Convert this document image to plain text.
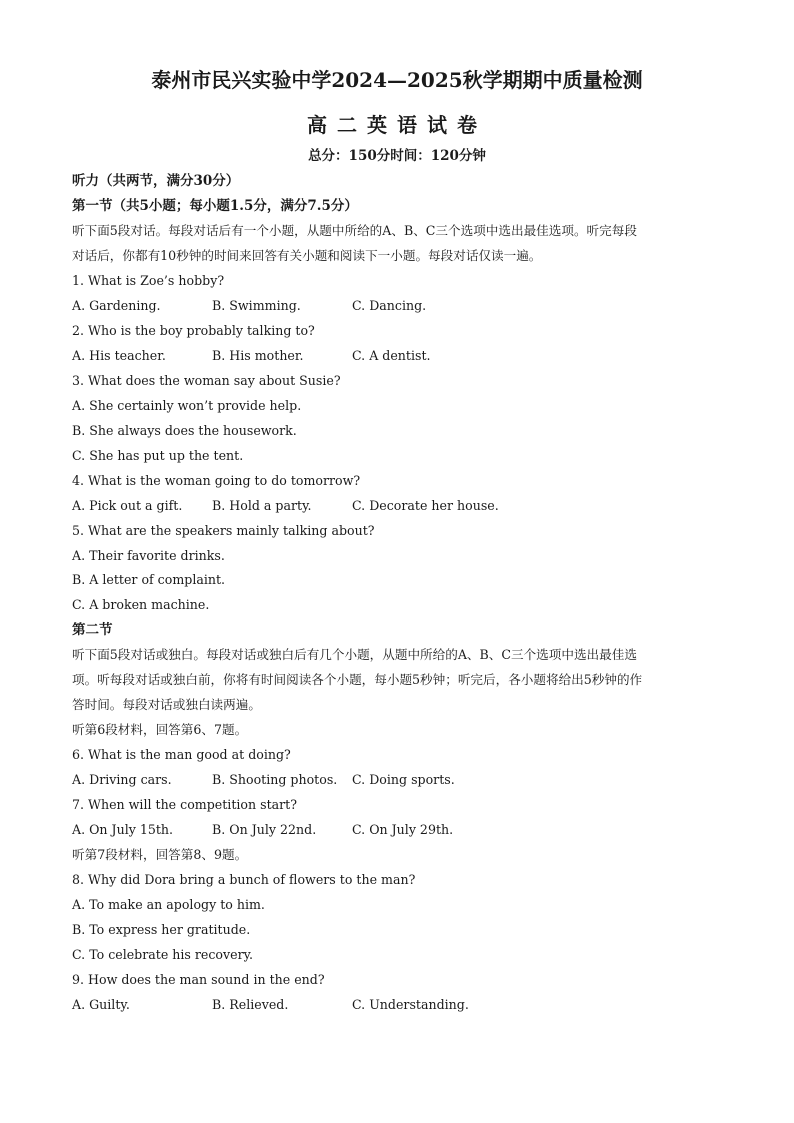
泰州市民兴实验中学2024—2025秋学期期中质量检测
高二英语试卷
总分：150分时间：120分钟
听力（共两节，满分30分）
第一节（共5小题；每小题1.5分，满分7.5分）
听下面5段对话。每段对话后有一个小题，从题中所给的A、B、C三个选项中选出最佳选项。听完每段
对话后，你都有10秒钟的时间来回答有关小题和阅读下一小题。每段对话仅读一遍。
1. What is Zoe’s hobby?
A. Gardening.	B. Swimming.	C. Dancing.
2. Who is the boy probably talking to?
A. His teacher.	B. His mother.	C. A dentist.
3. What does the woman say about Susie?
A. She certainly won’t provide help.
B. She always does the housework.
C. She has put up the tent.
4. What is the woman going to do tomorrow?
A. Pick out a gift. B. Hold a party.	C. Decorate her house.
5. What are the speakers mainly talking about?
A. Their favorite drinks.
B. A letter of complaint.
C. A broken machine.
第二节
听下面5段对话或独白。每段对话或独白后有几个小题，从题中所给的A、B、C三个选项中选出最佳选
项。听每段对话或独白前，你将有时间阅读各个小题，每小题5秒钟；听完后，各小题将给出5秒钟的作
答时间。每段对话或独白读两遍。
听第6段材料，回答第6、7题。
6. What is the man good at doing?
A. Driving cars.	B. Shooting photos. C. Doing sports.
7. When will the competition start?
A. On July 15th.	B. On July 22nd.	C. On July 29th.
听第7段材料，回答第8、9题。
8. Why did Dora bring a bunch of flowers to the man?
A. To make an apology to him.
B. To express her gratitude.
C. To celebrate his recovery.
9. How does the man sound in the end?
A. Guilty.	B. Relieved.	C. Understanding.
